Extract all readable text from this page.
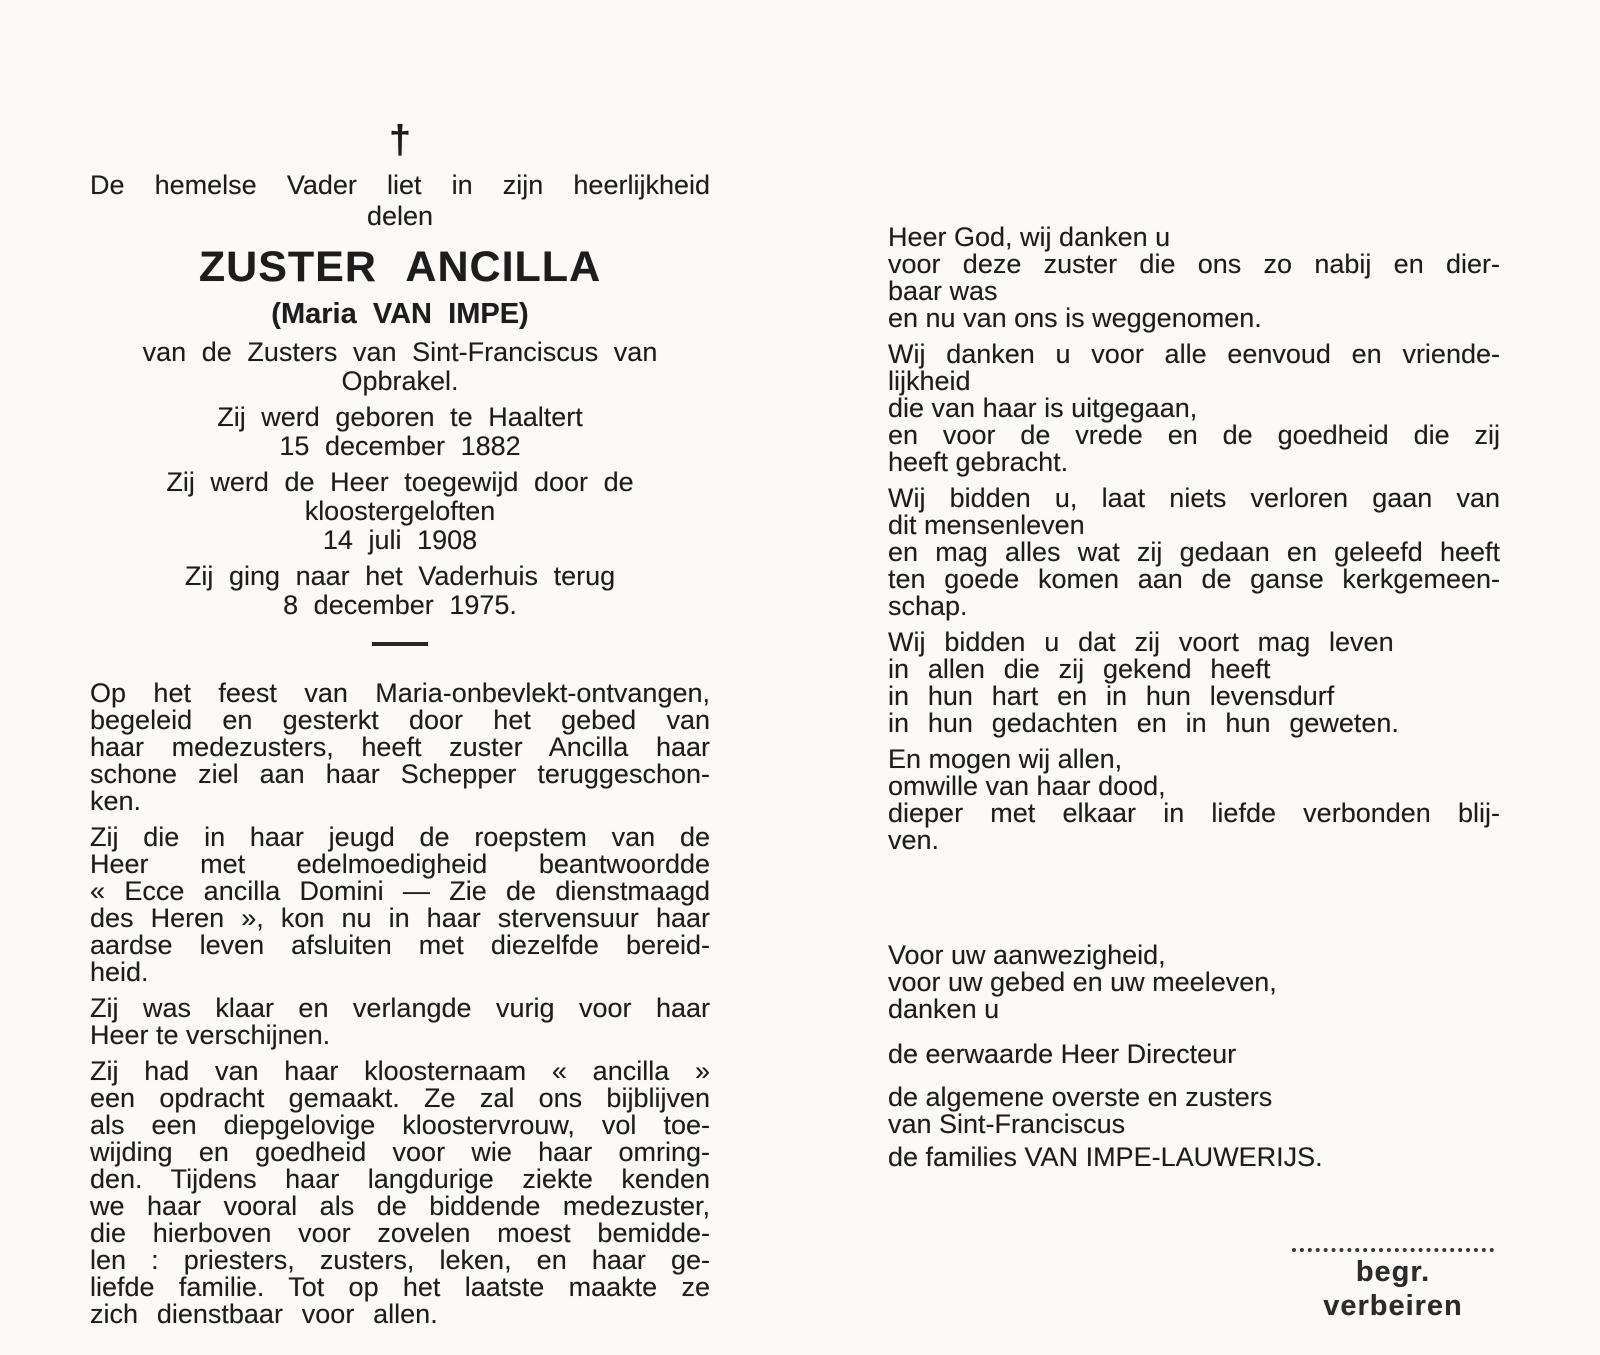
†
De hemelse Vader liet in zijn heerlijkheid
delen
ZUSTER ANCILLA
(Maria VAN IMPE)
van de Zusters van Sint-Franciscus van
Opbrakel.
Zij werd geboren te Haaltert
15 december 1882
Zij werd de Heer toegewijd door de
kloostergeloften
14 juli 1908
Zij ging naar het Vaderhuis terug
8 december 1975.
Op het feest van Maria-onbevlekt-ontvangen,
begeleid en gesterkt door het gebed van
haar medezusters, heeft zuster Ancilla haar
schone ziel aan haar Schepper teruggeschon-
ken.
Zij die in haar jeugd de roepstem van de
Heer met edelmoedigheid beantwoordde
« Ecce ancilla Domini — Zie de dienstmaagd
des Heren », kon nu in haar stervensuur haar
aardse leven afsluiten met diezelfde bereid-
heid.
Zij was klaar en verlangde vurig voor haar
Heer te verschijnen.
Zij had van haar kloosternaam « ancilla »
een opdracht gemaakt. Ze zal ons bijblijven
als een diepgelovige kloostervrouw, vol toe-
wijding en goedheid voor wie haar omring-
den. Tijdens haar langdurige ziekte kenden
we haar vooral als de biddende medezuster,
die hierboven voor zovelen moest bemidde-
len : priesters, zusters, leken, en haar ge-
liefde familie. Tot op het laatste maakte ze
zich dienstbaar voor allen.
Heer God, wij danken u
voor deze zuster die ons zo nabij en dier-
baar was
en nu van ons is weggenomen.
Wij danken u voor alle eenvoud en vriende-
lijkheid
die van haar is uitgegaan,
en voor de vrede en de goedheid die zij
heeft gebracht.
Wij bidden u, laat niets verloren gaan van
dit mensenleven
en mag alles wat zij gedaan en geleefd heeft
ten goede komen aan de ganse kerkgemeen-
schap.
Wij bidden u dat zij voort mag leven
in allen die zij gekend heeft
in hun hart en in hun levensdurf
in hun gedachten en in hun geweten.
En mogen wij allen,
omwille van haar dood,
dieper met elkaar in liefde verbonden blij-
ven.
Voor uw aanwezigheid,
voor uw gebed en uw meeleven,
danken u
de eerwaarde Heer Directeur
de algemene overste en zusters
van Sint-Franciscus
de families VAN IMPE-LAUWERIJS.
begr. verbeiren
